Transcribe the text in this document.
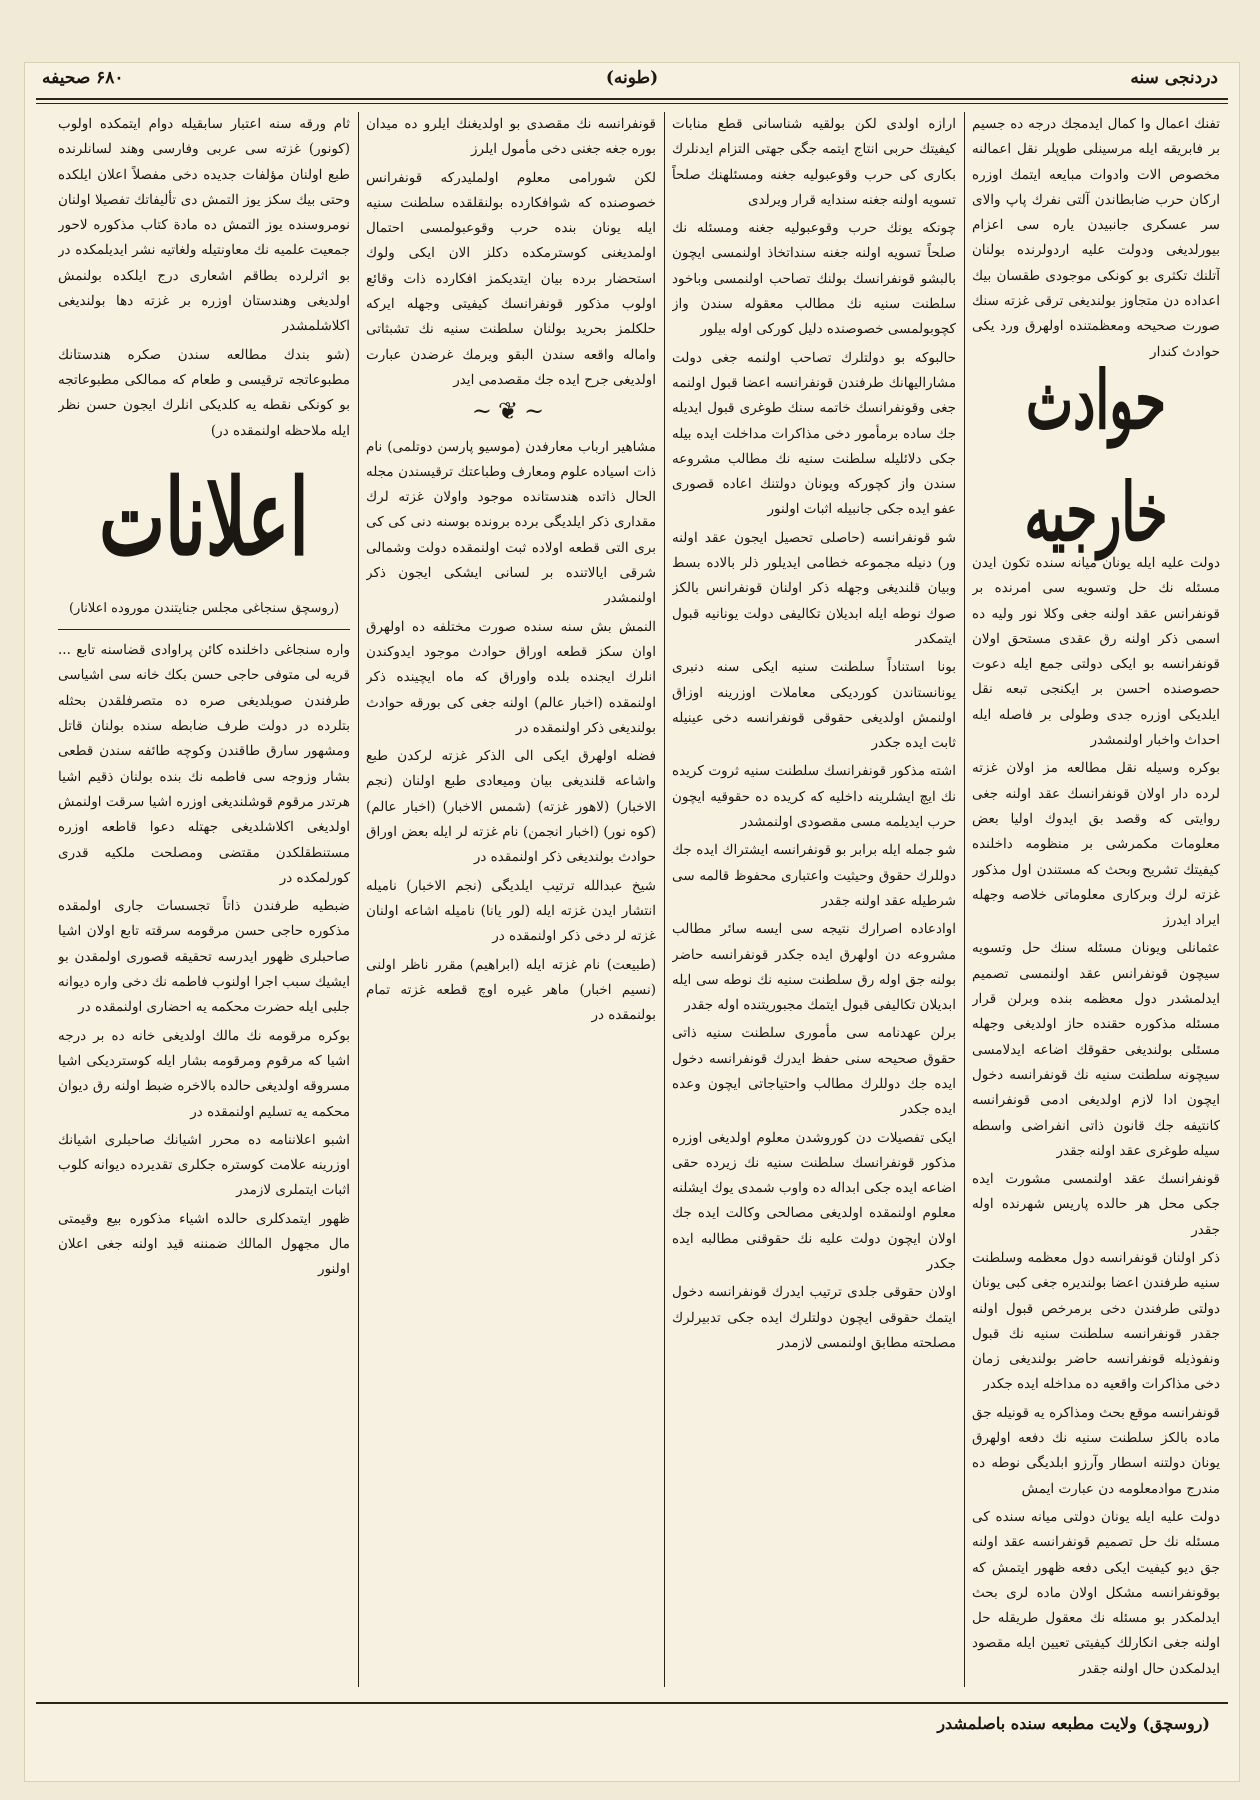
دردنجی سنه
(طونه)
۶۸۰ صحیفه

تفنك اعمال وا كمال ایدمجك درجه ده جسیم بر فابریقه ایله مرسینلی طوپلر نقل اعمالنه مخصوص الات وادوات مبایعه ایتمك اوزره اركان حرب ضابطاندن آلتی نفرك پاپ والای سر عسكری جانبیدن یاره سی اعزام بیورلدیغی ودولت علیه اردولرنده بولنان آتلنك تكثری بو كونكی موجودی طقسان بیك اعداده دن متجاوز بولندیغی ترقی غزته سنك صورت صحیحه ومعظمتنده اولهرق ورد یكی حوادث كندار

حوادث خارجیه

دولت علیه ایله یونان میانه سنده تكون ایدن مسئله نك حل وتسویه سی امرنده بر قونفرانس عقد اولنه جغی وكلا نور ولیه ده اسمی ذكر اولنه رق عقدی مستحق اولان قونفرانسه بو ایكی دولتی جمع ایله دعوت حصوصنده احسن بر ایكنجی تبعه نقل ایلدیكی اوزره جدی وطولی بر فاصله ایله احداث واخبار اولنمشدر

بوكره وسیله نقل مطالعه مز اولان غزته لرده دار اولان قونفرانسك عقد اولنه جغی روایتی كه وقصد بق ایدوك اولیا بعض معلومات مكمرشی بر منظومه داخلنده كیفیتك تشریح وبحث كه مستندن اول مذكور غزته لرك وبركاری معلوماتی خلاصه وجهله ایراد ایدرز

عثمانلی ویونان مسئله سنك حل وتسویه سیچون قونفرانس عقد اولنمسی تصمیم ایدلمشدر دول معظمه بنده وبرلن قرار مسئله مذكوره حقنده حاز اولدیغی وجهله مسئلی بولندیغی حقوقك اضاعه ایدلامسی سیچونه سلطنت سنیه نك قونفرانسه دخول ایچون ادا لازم اولدیغی ادمی قونفرانسه كانتیفه جك قانون ذاتی انفراضی واسطه سیله طوغری عقد اولنه جقدر

قونفرانسك عقد اولنمسی مشورت ایده جكی محل هر حالده پاریس شهرنده اوله جقدر

ذكر اولنان قونفرانسه دول معظمه وسلطنت سنیه طرفندن اعضا بولندیره جغی كبی یونان دولتی طرفندن دخی برمرخص قبول اولنه جقدر قونفرانسه سلطنت سنیه نك قبول ونفوذیله قونفرانسه حاضر بولندیغی زمان دخی مذاكرات واقعیه ده مداخله ایده جكدر

قونفرانسه موقع بحث ومذاكره یه قونیله جق ماده بالكز سلطنت سنیه نك دفعه اولهرق یونان دولتنه اسطار وآرزو ابلدیگی نوطه ده مندرج موادمعلومه دن عبارت ایمش

دولت علیه ایله یونان دولتی میانه سنده كی مسئله نك حل تصمیم قونفرانسه عقد اولنه جق دیو كیفیت ایكی دفعه ظهور ایتمش كه بوقونفرانسه مشكل اولان ماده لری بحث ایدلمكدر بو مسئله نك معقول طریقله حل اولنه جغی انكارلك كیفیتی تعیین ایله مقصود ایدلمكدن حال اولنه جقدر

ارازه اولدی لكن بولقیه شناسانی قطع منابات كیفیتك حربی انتاج ایتمه جگی جهتی التزام ایدنلرك بكاری كی حرب وقوعبولیه جغنه ومسئلهنك صلحاً تسویه اولنه جغنه سندایه قرار ویرلدی

چونكه یونك حرب وقوعبولیه جغنه ومسئله نك صلحاً تسویه اولنه جغنه سنداتخاذ اولنمسی ایچون بالبشو قونفرانسك بولنك تصاحب اولنمسی وباخود سلطنت سنیه نك مطالب معقوله سندن واز كچوبولمسی خصوصنده دلیل كوركی اوله بیلور

حالبوكه بو دولتلرك تصاحب اولنمه جغی دولت مشارالیهانك طرفندن قونفرانسه اعضا قبول اولنمه جغی وقونفرانسك خاتمه سنك طوغری قبول ایدیله جك ساده برمأمور دخی مذاكرات مداخلت ایده بیله جكی دلائلیله سلطنت سنیه نك مطالب مشروعه سندن واز كچوركه ویونان دولتنك اعاده قصوری عفو ایده جكی جانبیله اثبات اولنور

شو قونفرانسه (حاصلی تحصیل ایجون عقد اولنه ور) دنیله مجموعه خطامی ایدیلور ذلر بالاده بسط وبیان قلندیغی وجهله ذكر اولنان قونفرانس بالكز صوك نوطه ایله ابدیلان تكالیفی دولت یونانیه قبول ایتمكدر

بونا استناداً سلطنت سنیه ایكی سنه دنبری یونانستاندن كوردیكی معاملات اوزرینه اوزاق اولنمش اولدیغی حقوقی قونفرانسه دخی عینیله ثابت ایده جكدر

اشته مذكور قونفرانسك سلطنت سنیه ثروت كریده نك ایچ ایشلرینه داخلیه كه كریده ده حقوقیه ایچون حرب ایدیلمه مسی مقصودی اولنمشدر

شو جمله ایله برابر بو قونفرانسه ایشتراك ایده جك دوللرك حقوق وحیثیت واعتباری محفوظ قالمه سی شرطیله عقد اولنه جقدر

اوادعاده اصرارك نتیجه سی ایسه سائر مطالب مشروعه دن اولهرق ایده جكدر قونفرانسه حاضر بولنه جق اوله رق سلطنت سنیه نك نوطه سی ایله ابدیلان تكالیفی قبول ایتمك مجبوریتنده اوله جقدر

برلن عهدنامه سی مأموری سلطنت سنیه ذاتی حقوق صحیحه سنی حفظ ایدرك قونفرانسه دخول ایده جك دوللرك مطالب واحتیاجاتی ایچون وعده ایده جكدر

ایكی تفصیلات دن كوروشدن معلوم اولدیغی اوزره مذكور قونفرانسك سلطنت سنیه نك زیرده حقی اضاعه ایده جكی ابداله ده واوب شمدی یوك ایشلنه معلوم اولنمقده اولدیغی مصالحی وكالت ایده جك اولان ایچون دولت علیه نك حقوقنی مطالبه ایده جكدر

اولان حقوقی جلدی ترتیب ایدرك قونفرانسه دخول ایتمك حقوقی ایچون دولتلرك ایده جكی تدبیرلرك مصلحته مطابق اولنمسی لازمدر

قونفرانسه نك مقصدی بو اولدیغنك ایلرو ده میدان بوره جغه جغنی دخی مأمول ایلرز

لكن شورامی معلوم اولملیدركه قونفرانس خصوصنده كه شوافكارده بولنقلقده سلطنت سنیه ایله یونان بنده حرب وقوعبولمسی احتمال اولمدیغنی كوسترمكده دكلز الان ایكی ولوك استحضار برده بیان ایتدیكمز افكارده ذات وقائع اولوب مذكور قونفرانسك كیفیتی وجهله ایركه حلكلمز بحرید بولنان سلطنت سنیه نك تشبثاتی واماله واقعه سندن البقو ویرمك غرضدن عبارت اولدیغی جرح ایده جك مقصدمی ایدر

~❦~

مشاهیر ارباب معارفدن (موسیو پارسن دوتلمی) نام ذات اسیاده علوم ومعارف وطباعتك ترقیسندن مجله الحال ذاتده هندستانده موجود واولان غزته لرك مقداری ذكر ایلدیگی برده برونده بوسنه دنی كی كی بری التی قطعه اولاده ثبت اولنمقده دولت وشمالی شرقی ایالاتنده بر لسانی ایشكی ایجون ذكر اولنمشدر

النمش بش سنه سنده صورت مختلفه ده اولهرق اوان سكز قطعه اوراق حوادث موجود ایدوكندن انلرك ایجنده بلده واوراق كه ماه ایچینده ذكر اولنمقده (اخبار عالم) اولنه جغی كی بورقه حوادث بولندیغی ذكر اولنمقده در

فضله اولهرق ایكی الی الذكر غزته لركدن طبع واشاعه قلندیغی بیان ومیعادی طبع اولنان (نجم الاخبار) (لاهور غزته) (شمس الاخبار) (اخبار عالم) (كوه نور) (اخبار انجمن) نام غزته لر ایله بعض اوراق حوادث بولندیغی ذكر اولنمقده در

شیخ عبدالله ترتیب ایلدیگی (نجم الاخبار) نامیله انتشار ایدن غزته ایله (لور یانا) نامیله اشاعه اولنان غزته لر دخی ذكر اولنمقده در

(طبیعت) نام غزته ایله (ابراهیم) مقرر ناظر اولنی (نسیم اخبار) ماهر غیره اوچ قطعه غزته تمام بولنمقده در

ثام ورقه سنه اعتبار سابقیله دوام ایتمكده اولوب (كونور) غزته سی عربی وفارسی وهند لسانلرنده طبع اولنان مؤلفات جدیده دخی مفصلاً اعلان ایلكده وحتی بیك سكز یوز التمش دی تأليفاتك تفصيلا اولنان نومروسنده یوز التمش ده مادة كتاب مذكوره لاحور جمعیت علمیه نك معاونتیله ولغاتیه نشر ایدیلمكده در بو اثرلرده بطاقم اشعاری درج ایلكده بولنمش اولدیغی وهندستان اوزره بر غزته دها بولندیغی اكلاشلمشدر

(شو بندك مطالعه سندن صكره هندستانك مطبوعاتجه ترقیسی و طعام كه ممالكی مطبوعاتجه بو كونكی نقطه یه كلدیكی انلرك ایجون حسن نظر ایله ملاحظه اولنمقده در)

اعلانات
(روسچق سنجاغی مجلس جنایتندن موروده اعلانار)

واره سنجاغی داخلنده كائن پراوادی قضاسنه تابع ... قریه لی متوفی حاجی حسن بكك خانه سی اشیاسی طرفندن صویلدیغی صره ده متصرفلقدن بحثله بتلرده در دولت طرف ضابطه سنده بولنان قاتل ومشهور سارق طاقندن وكوچه طائفه سندن قطعی بشار وزوجه سی فاطمه نك بنده بولنان ذقیم اشیا هرتدر مرقوم قوشلندیغی اوزره اشیا سرقت اولنمش اولدیغی اكلاشلدیغی جهتله دعوا قاطعه اوزره مستنطقلكدن مقتضی ومصلحت ملكیه قدری كورلمكده در

ضبطیه طرفندن ذاتاً تجسسات جاری اولمقده مذكوره حاجی حسن مرقومه سرقته تابع اولان اشیا صاحبلری ظهور ایدرسه تحقیقه قصوری اولمقدن بو ایشیك سبب اجرا اولنوب فاطمه نك دخی واره دیوانه جلبی ایله حضرت محكمه یه احضاری اولنمقده در

بوكره مرقومه نك مالك اولدیغی خانه ده بر درجه اشیا كه مرقوم ومرقومه بشار ایله كوستردیكی اشیا مسروقه اولدیغی حالده بالاخره ضبط اولنه رق دیوان محكمه یه تسلیم اولنمقده در

اشبو اعلاننامه ده محرر اشیانك صاحبلری اشیانك اوزرینه علامت كوستره جكلری تقدیرده دیوانه كلوب اثبات ایتملری لازمدر

ظهور ایتمدكلری حالده اشیاء مذكوره بیع وقیمتی مال مجهول المالك ضمننه قید اولنه جغی اعلان اولنور

(روسچق) ولایت مطبعه سنده باصلمشدر
